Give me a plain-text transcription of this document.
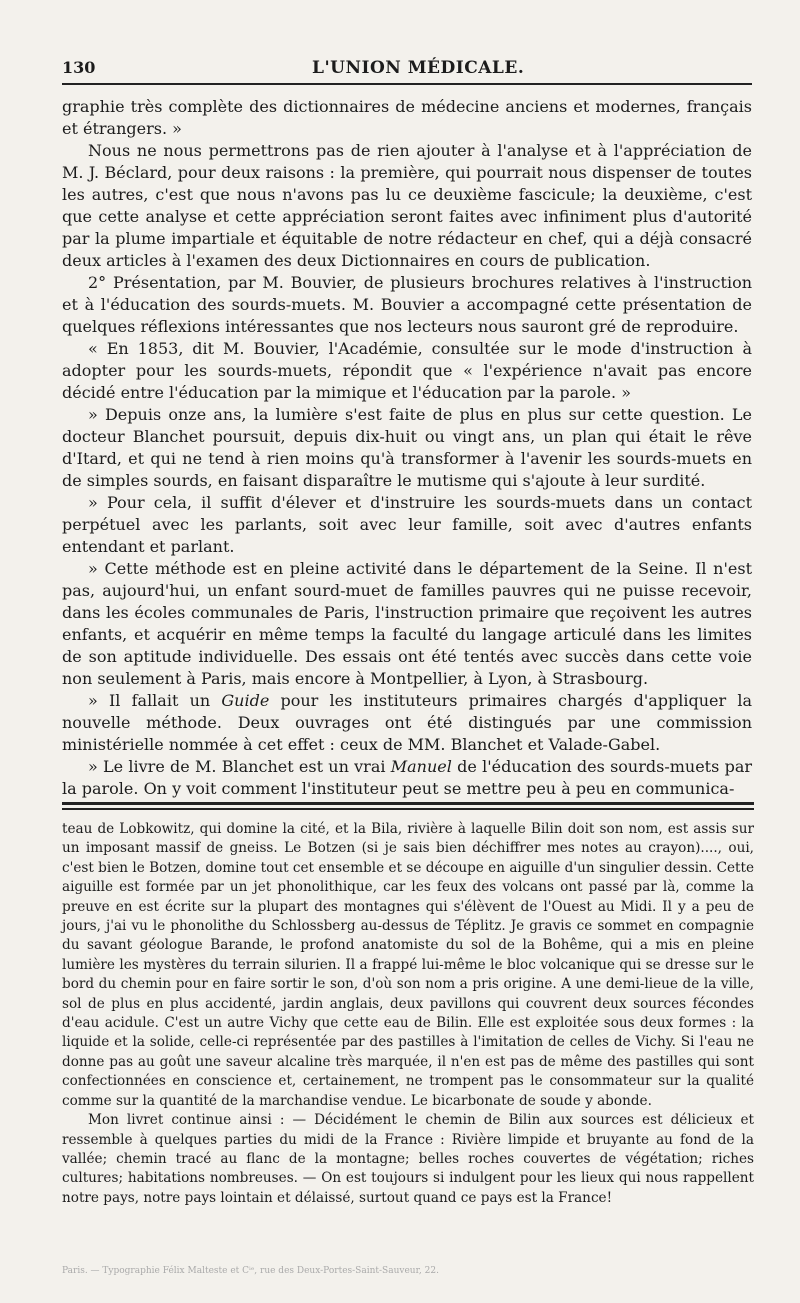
130	L'UNION MÉDICALE.

graphie très complète des dictionnaires de médecine anciens et modernes, français et étrangers. »

Nous ne nous permettrons pas de rien ajouter à l'analyse et à l'appréciation de M. J. Béclard, pour deux raisons : la première, qui pourrait nous dispenser de toutes les autres, c'est que nous n'avons pas lu ce deuxième fascicule; la deuxième, c'est que cette analyse et cette appréciation seront faites avec infiniment plus d'autorité par la plume impartiale et équitable de notre rédacteur en chef, qui a déjà consacré deux articles à l'examen des deux Dictionnaires en cours de publication.

2° Présentation, par M. Bouvier, de plusieurs brochures relatives à l'instruction et à l'éducation des sourds-muets. M. Bouvier a accompagné cette présentation de quelques réflexions intéressantes que nos lecteurs nous sauront gré de reproduire.

« En 1853, dit M. Bouvier, l'Académie, consultée sur le mode d'instruction à adopter pour les sourds-muets, répondit que « l'expérience n'avait pas encore décidé entre l'éducation par la mimique et l'éducation par la parole. »

» Depuis onze ans, la lumière s'est faite de plus en plus sur cette question. Le docteur Blanchet poursuit, depuis dix-huit ou vingt ans, un plan qui était le rêve d'Itard, et qui ne tend à rien moins qu'à transformer à l'avenir les sourds-muets en de simples sourds, en faisant disparaître le mutisme qui s'ajoute à leur surdité.

» Pour cela, il suffit d'élever et d'instruire les sourds-muets dans un contact perpétuel avec les parlants, soit avec leur famille, soit avec d'autres enfants entendant et parlant.

» Cette méthode est en pleine activité dans le département de la Seine. Il n'est pas, aujourd'hui, un enfant sourd-muet de familles pauvres qui ne puisse recevoir, dans les écoles communales de Paris, l'instruction primaire que reçoivent les autres enfants, et acquérir en même temps la faculté du langage articulé dans les limites de son aptitude individuelle. Des essais ont été tentés avec succès dans cette voie non seulement à Paris, mais encore à Montpellier, à Lyon, à Strasbourg.

» Il fallait un Guide pour les instituteurs primaires chargés d'appliquer la nouvelle méthode. Deux ouvrages ont été distingués par une commission ministérielle nommée à cet effet : ceux de MM. Blanchet et Valade-Gabel.

» Le livre de M. Blanchet est un vrai Manuel de l'éducation des sourds-muets par la parole. On y voit comment l'instituteur peut se mettre peu à peu en communica-

teau de Lobkowitz, qui domine la cité, et la Bila, rivière à laquelle Bilin doit son nom, est assis sur un imposant massif de gneiss. Le Botzen (si je sais bien déchiffrer mes notes au crayon)...., oui, c'est bien le Botzen, domine tout cet ensemble et se découpe en aiguille d'un singulier dessin. Cette aiguille est formée par un jet phonolithique, car les feux des volcans ont passé par là, comme la preuve en est écrite sur la plupart des montagnes qui s'élèvent de l'Ouest au Midi. Il y a peu de jours, j'ai vu le phonolithe du Schlossberg au-dessus de Téplitz. Je gravis ce sommet en compagnie du savant géologue Barande, le profond anatomiste du sol de la Bohême, qui a mis en pleine lumière les mystères du terrain silurien. Il a frappé lui-même le bloc volcanique qui se dresse sur le bord du chemin pour en faire sortir le son, d'où son nom a pris origine. A une demi-lieue de la ville, sol de plus en plus accidenté, jardin anglais, deux pavillons qui couvrent deux sources fécondes d'eau acidule. C'est un autre Vichy que cette eau de Bilin. Elle est exploitée sous deux formes : la liquide et la solide, celle-ci représentée par des pastilles à l'imitation de celles de Vichy. Si l'eau ne donne pas au goût une saveur alcaline très marquée, il n'en est pas de même des pastilles qui sont confectionnées en conscience et, certainement, ne trompent pas le consommateur sur la qualité comme sur la quantité de la marchandise vendue. Le bicarbonate de soude y abonde.

Mon livret continue ainsi : — Décidément le chemin de Bilin aux sources est délicieux et ressemble à quelques parties du midi de la France : Rivière limpide et bruyante au fond de la vallée; chemin tracé au flanc de la montagne; belles roches couvertes de végétation; riches cultures; habitations nombreuses. — On est toujours si indulgent pour les lieux qui nous rappellent notre pays, notre pays lointain et délaissé, surtout quand ce pays est la France!

Paris. — Typographie Félix Malteste et Cⁱᵉ, rue des Deux-Portes-Saint-Sauveur, 22.
